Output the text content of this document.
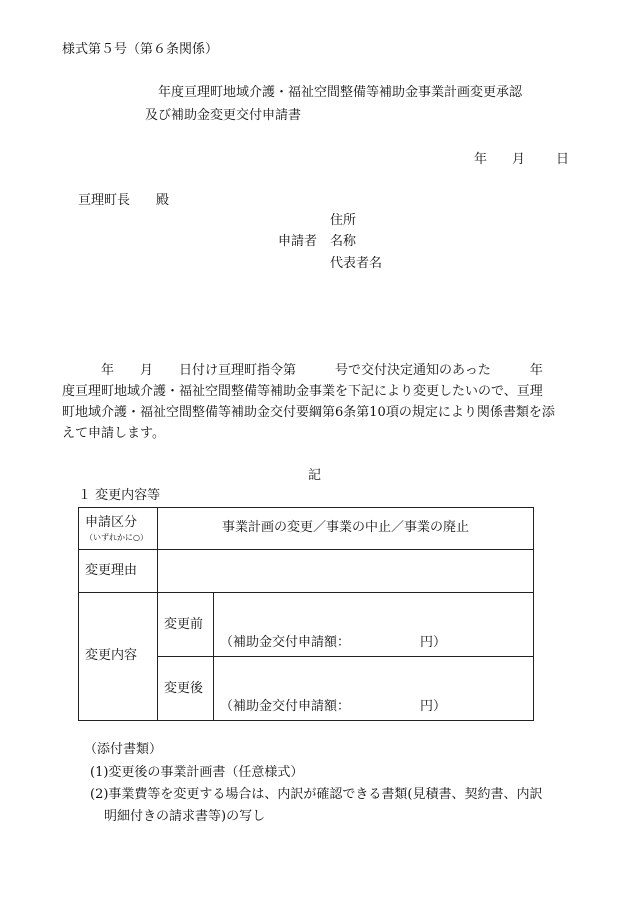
様式第５号（第６条関係）
年度亘理町地域介護・福祉空間整備等補助金事業計画変更承認
及び補助金変更交付申請書
年 月 日
亘理町長　　殿
住所
申請者 名称
代表者名
　　　年　　月　　日付け亘理町指令第　　　号で交付決定通知のあった　　　年
度亘理町地域介護・福祉空間整備等補助金事業を下記により変更したいので、亘理
町地域介護・福祉空間整備等補助金交付要綱第6条第10項の規定により関係書類を添
えて申請します。
記
１ 変更内容等
申請区分
（いずれかに○）	事業計画の変更／事業の中止／事業の廃止	
変更理由		
変更内容	変更前	（補助金交付申請額： 円）

	変更後	（補助金交付申請額： 円）
（添付書類）
(1)変更後の事業計画書（任意様式）
(2)事業費等を変更する場合は、内訳が確認できる書類(見積書、契約書、内訳
明細付きの請求書等)の写し
